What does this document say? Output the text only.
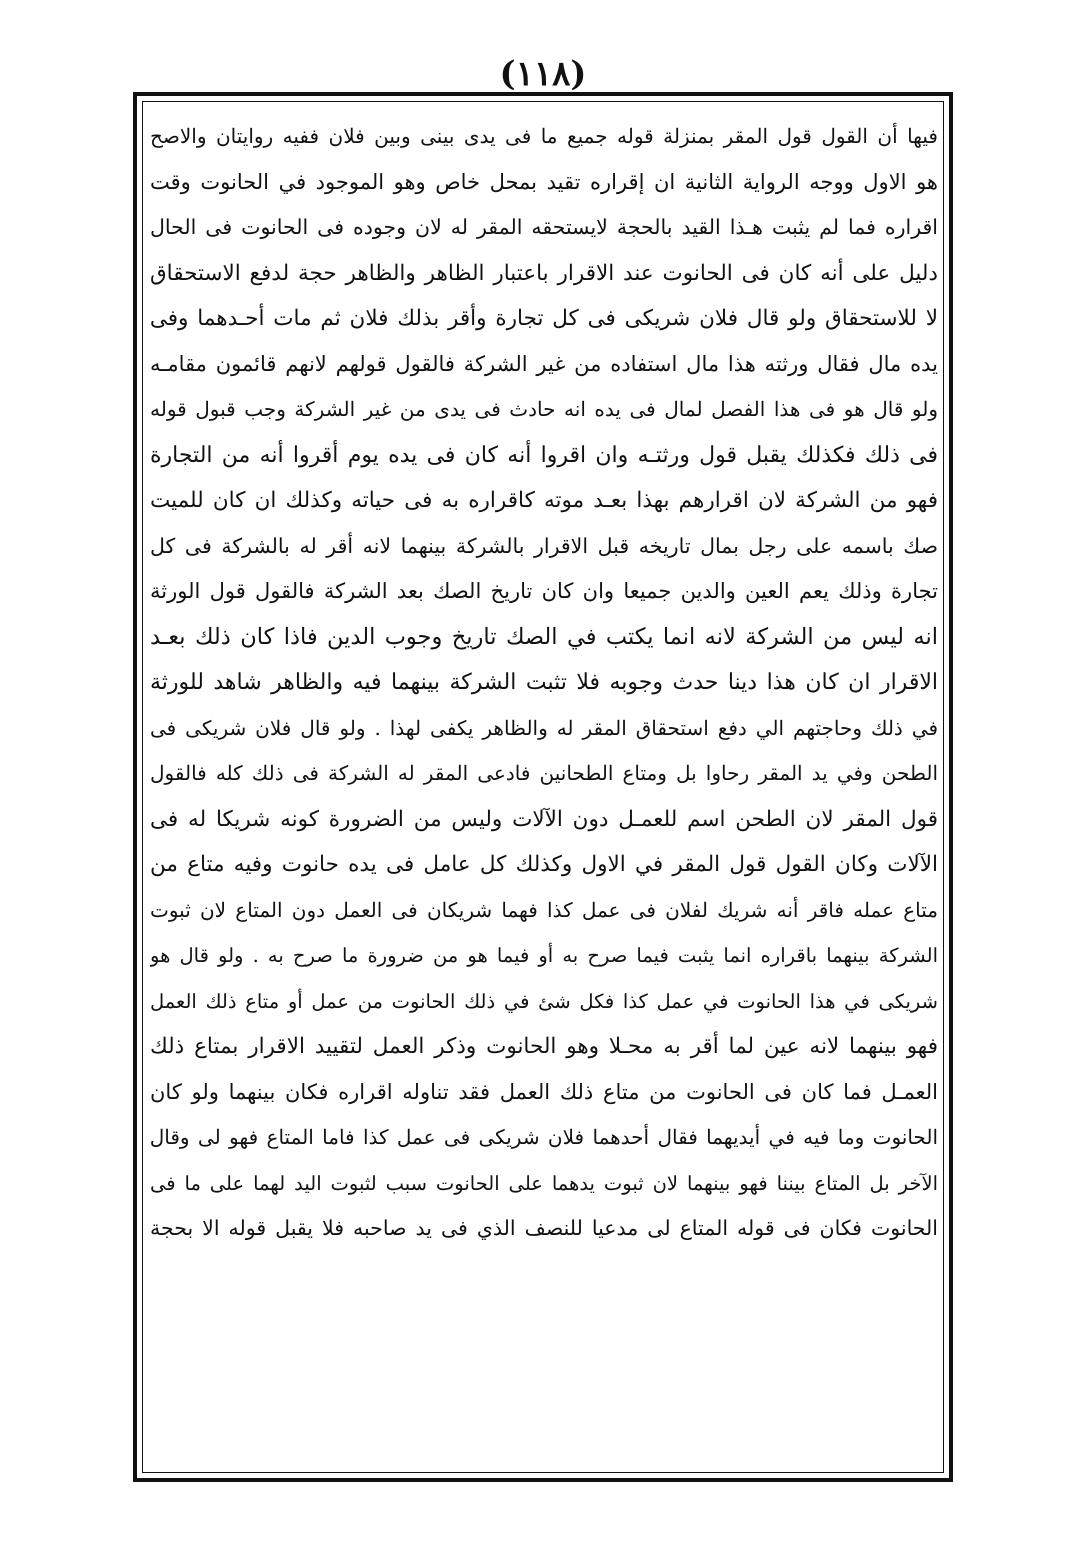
(١١٨)
فيها أن القول قول المقر بمنزلة قوله جميع ما فى يدى بينى وبين فلان ففيه روايتان والاصح
هو الاول ووجه الرواية الثانية ان إقراره تقيد بمحل خاص وهو الموجود في الحانوت وقت
اقراره فما لم يثبت هـذا القيد بالحجة لايستحقه المقر له لان وجوده فى الحانوت فى الحال
دليل على أنه كان فى الحانوت عند الاقرار باعتبار الظاهر والظاهر حجة لدفع الاستحقاق
لا للاستحقاق ولو قال فلان شريكى فى كل تجارة وأقر بذلك فلان ثم مات أحـدهما وفى
يده مال فقال ورثته هذا مال استفاده من غير الشركة فالقول قولهم لانهم قائمون مقامـه
ولو قال هو فى هذا الفصل لمال فى يده انه حادث فى يدى من غير الشركة وجب قبول قوله
فى ذلك فكذلك يقبل قول ورثتـه وان اقروا أنه كان فى يده يوم أقروا أنه من التجارة
فهو من الشركة لان اقرارهم بهذا بعـد موته كاقراره به فى حياته وكذلك ان كان للميت
صك باسمه على رجل بمال تاريخه قبل الاقرار بالشركة بينهما لانه أقر له بالشركة فى كل
تجارة وذلك يعم العين والدين جميعا وان كان تاريخ الصك بعد الشركة فالقول قول الورثة
انه ليس من الشركة لانه انما يكتب في الصك تاريخ وجوب الدين فاذا كان ذلك بعـد
الاقرار ان كان هذا دينا حدث وجوبه فلا تثبت الشركة بينهما فيه والظاهر شاهد للورثة
في ذلك وحاجتهم الي دفع استحقاق المقر له والظاهر يكفى لهذا . ولو قال فلان شريكى فى
الطحن وفي يد المقر رحاوا بل ومتاع الطحانين فادعى المقر له الشركة فى ذلك كله فالقول
قول المقر لان الطحن اسم للعمـل دون الآلات وليس من الضرورة كونه شريكا له فى
الآلات وكان القول قول المقر في الاول وكذلك كل عامل فى يده حانوت وفيه متاع من
متاع عمله فاقر أنه شريك لفلان فى عمل كذا فهما شريكان فى العمل دون المتاع لان ثبوت
الشركة بينهما باقراره انما يثبت فيما صرح به أو فيما هو من ضرورة ما صرح به . ولو قال هو
شريكى في هذا الحانوت في عمل كذا فكل شئ في ذلك الحانوت من عمل أو متاع ذلك العمل
فهو بينهما لانه عين لما أقر به محـلا وهو الحانوت وذكر العمل لتقييد الاقرار بمتاع ذلك
العمـل فما كان فى الحانوت من متاع ذلك العمل فقد تناوله اقراره فكان بينهما ولو كان
الحانوت وما فيه في أيديهما فقال أحدهما فلان شريكى فى عمل كذا فاما المتاع فهو لى وقال
الآخر بل المتاع بيننا فهو بينهما لان ثبوت يدهما على الحانوت سبب لثبوت اليد لهما على ما فى
الحانوت فكان فى قوله المتاع لى مدعيا للنصف الذي فى يد صاحبه فلا يقبل قوله الا بحجة
